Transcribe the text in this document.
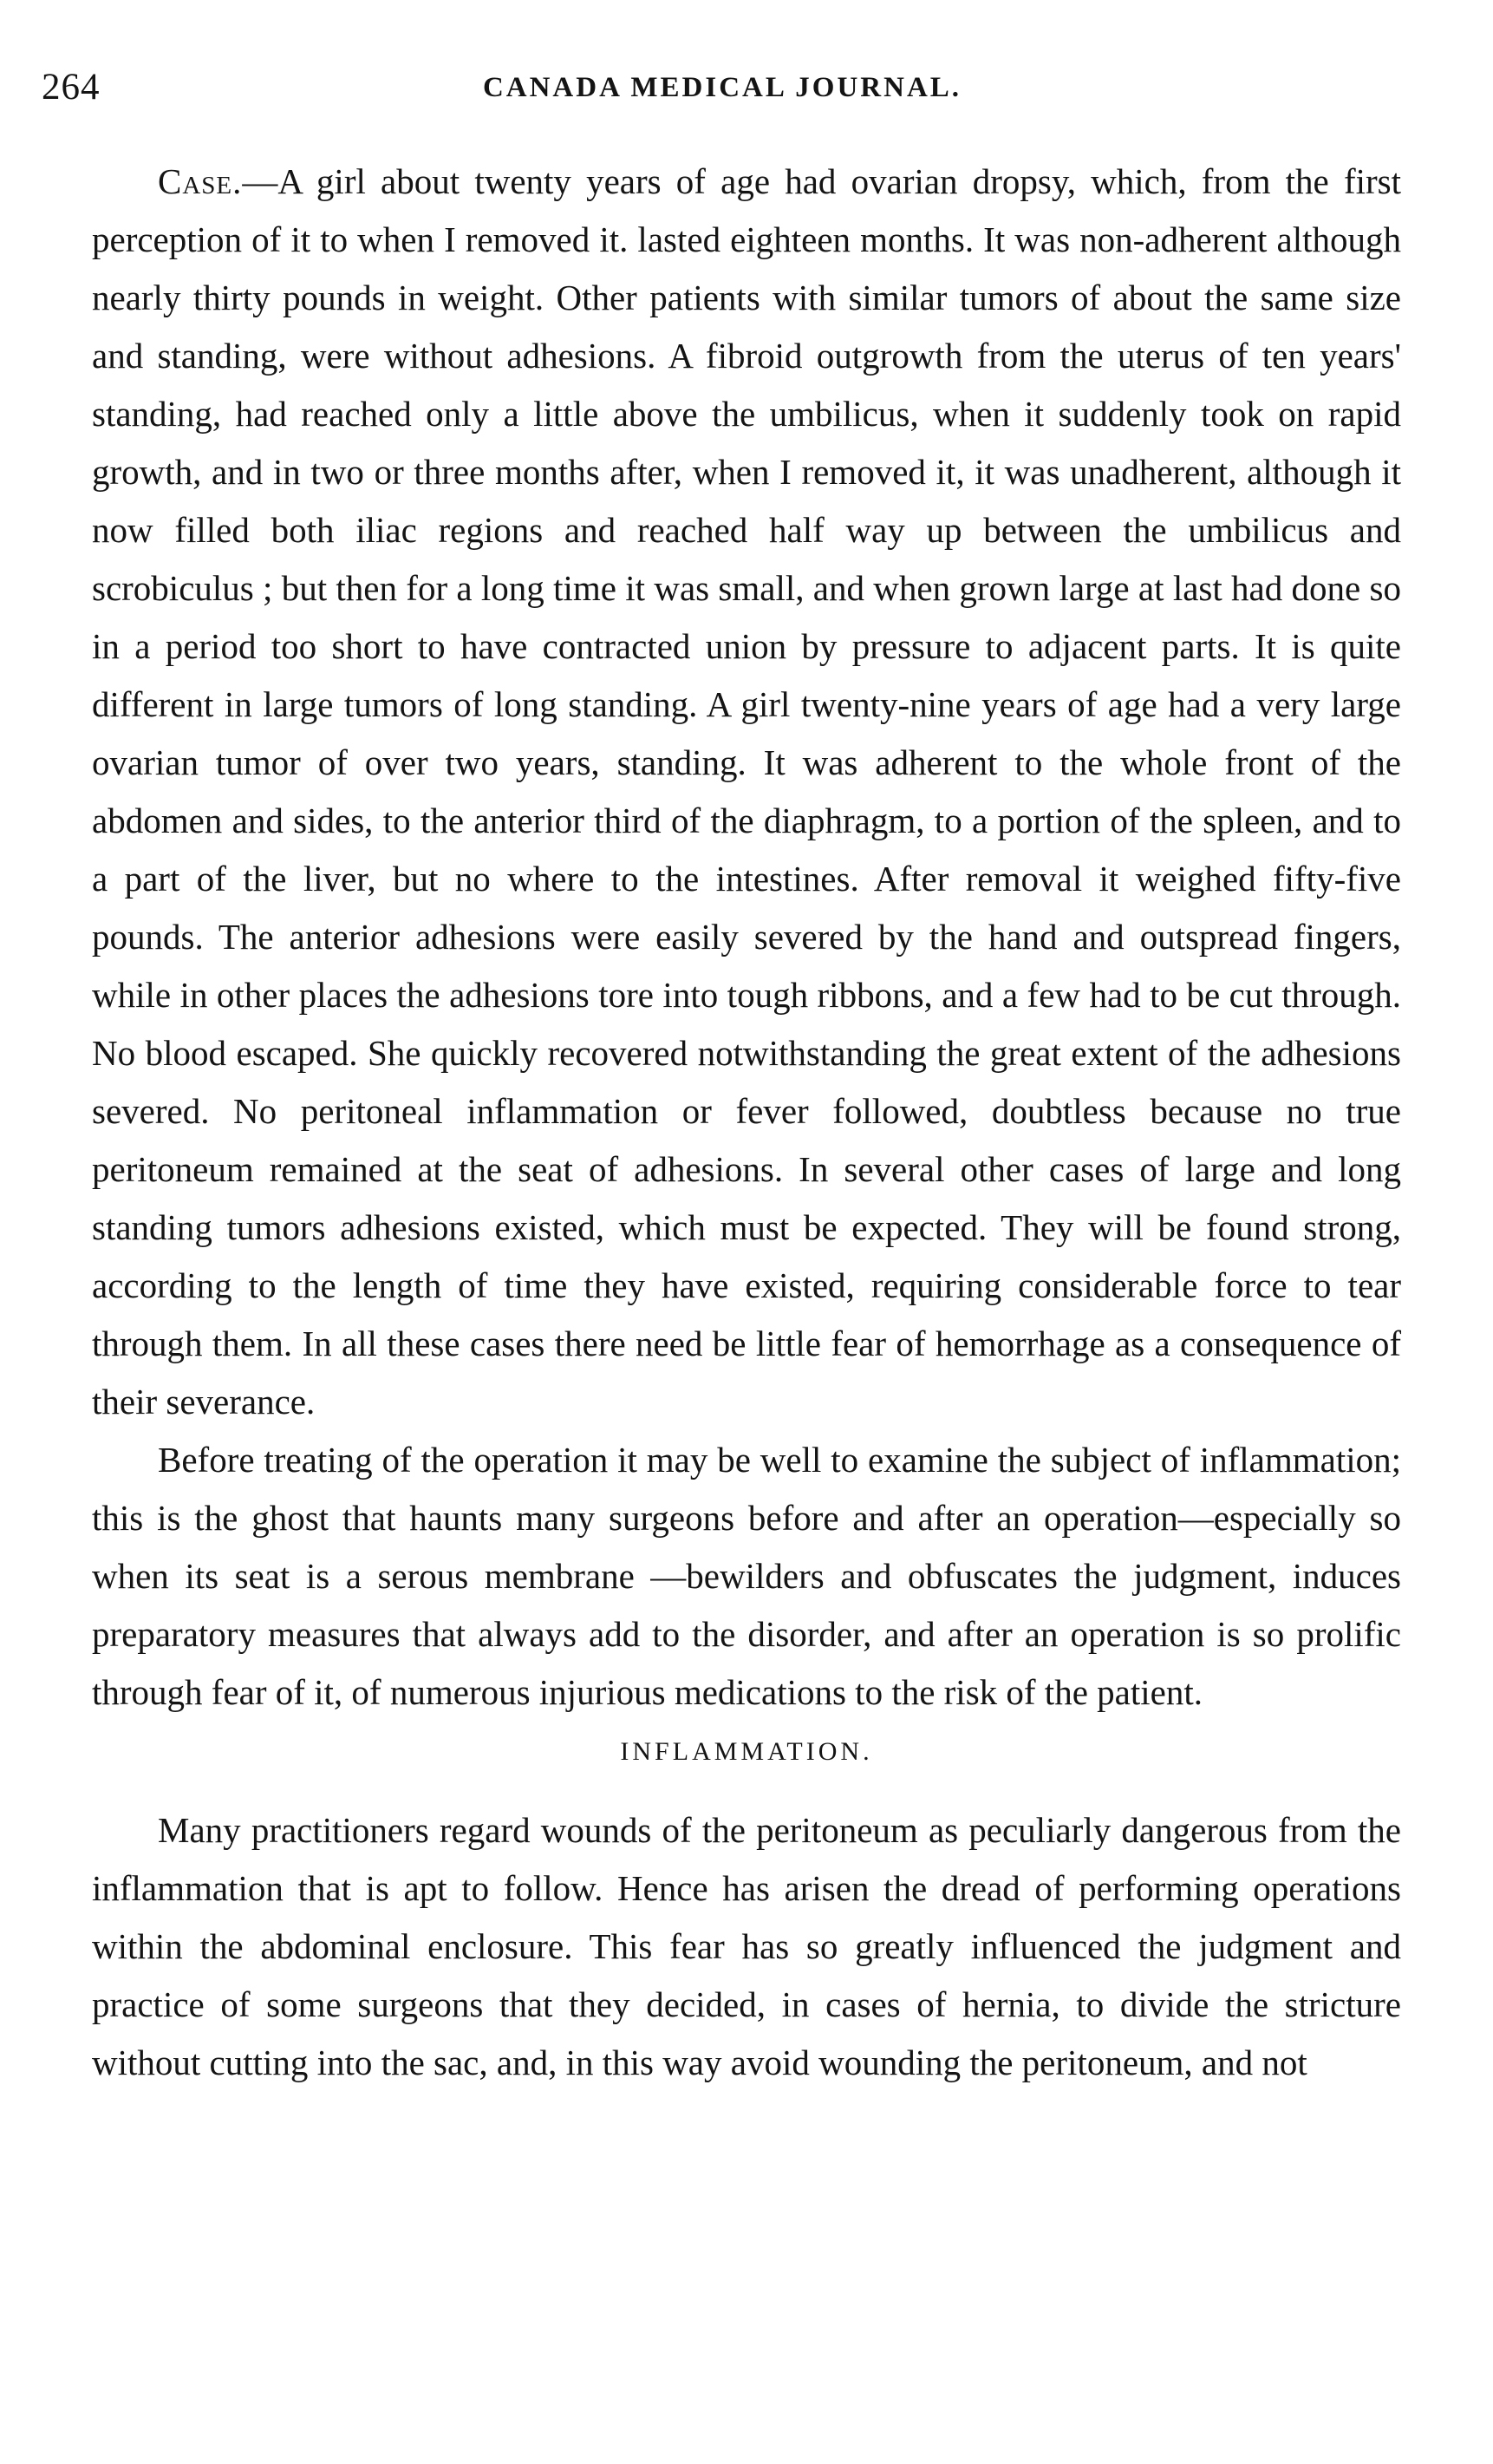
264	CANADA MEDICAL JOURNAL.

Case.—A girl about twenty years of age had ovarian dropsy, which, from the first perception of it to when I removed it. lasted eighteen months. It was non-adherent although nearly thirty pounds in weight. Other patients with similar tumors of about the same size and standing, were without adhesions. A fibroid outgrowth from the uterus of ten years' standing, had reached only a little above the umbilicus, when it suddenly took on rapid growth, and in two or three months after, when I removed it, it was unadherent, although it now filled both iliac regions and reached half way up between the umbilicus and scrobiculus ; but then for a long time it was small, and when grown large at last had done so in a period too short to have contracted union by pressure to adjacent parts. It is quite different in large tumors of long standing. A girl twenty-nine years of age had a very large ovarian tumor of over two years, standing. It was adherent to the whole front of the abdomen and sides, to the anterior third of the diaphragm, to a portion of the spleen, and to a part of the liver, but no where to the intestines. After removal it weighed fifty-five pounds. The anterior adhesions were easily severed by the hand and outspread fingers, while in other places the adhesions tore into tough ribbons, and a few had to be cut through. No blood escaped. She quickly recovered notwithstanding the great extent of the adhesions severed. No peritoneal inflammation or fever followed, doubtless because no true peritoneum remained at the seat of adhesions. In several other cases of large and long standing tumors adhesions existed, which must be expected. They will be found strong, according to the length of time they have existed, requiring considerable force to tear through them. In all these cases there need be little fear of hemorrhage as a consequence of their severance.

Before treating of the operation it may be well to examine the subject of inflammation; this is the ghost that haunts many surgeons before and after an operation—especially so when its seat is a serous membrane —bewilders and obfuscates the judgment, induces preparatory measures that always add to the disorder, and after an operation is so prolific through fear of it, of numerous injurious medications to the risk of the patient.

INFLAMMATION.

Many practitioners regard wounds of the peritoneum as peculiarly dangerous from the inflammation that is apt to follow. Hence has arisen the dread of performing operations within the abdominal enclosure. This fear has so greatly influenced the judgment and practice of some surgeons that they decided, in cases of hernia, to divide the stricture without cutting into the sac, and, in this way avoid wounding the peritoneum, and not
